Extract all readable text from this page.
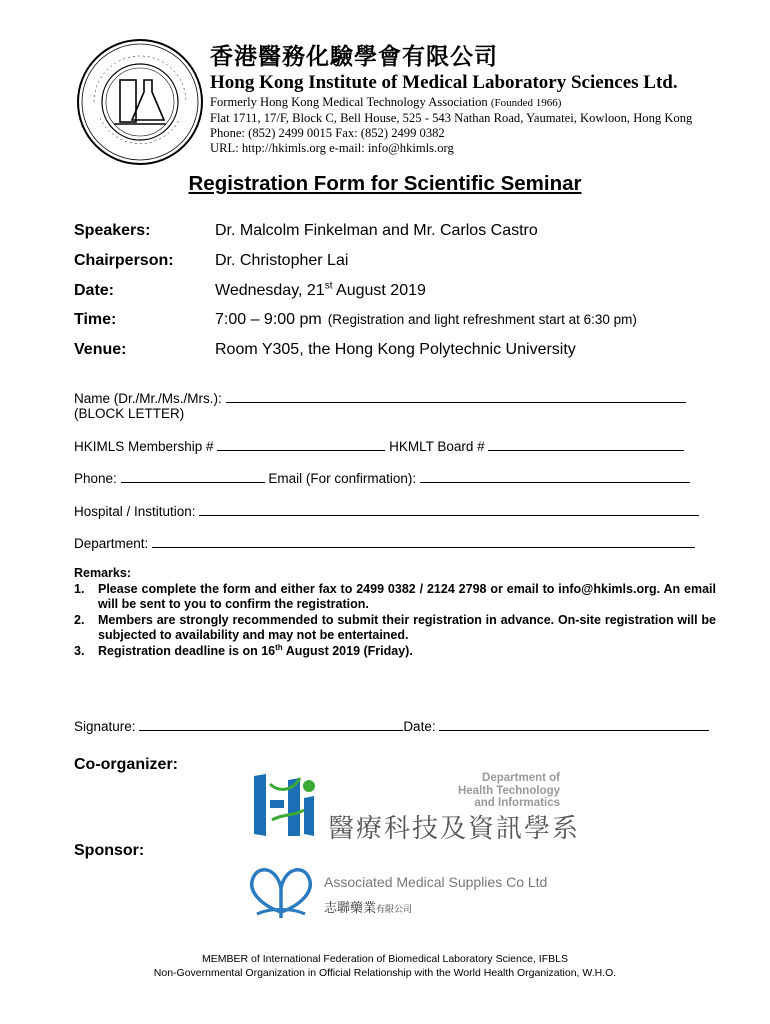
香港醫務化驗學會有限公司
Hong Kong Institute of Medical Laboratory Sciences Ltd.
Formerly Hong Kong Medical Technology Association (Founded 1966)
Flat 1711, 17/F, Block C, Bell House, 525 - 543 Nathan Road, Yaumatei, Kowloon, Hong Kong
Phone: (852) 2499 0015 Fax: (852) 2499 0382
URL: http://hkimls.org e-mail: info@hkimls.org
Registration Form for Scientific Seminar
Speakers:	Dr. Malcolm Finkelman and Mr. Carlos Castro
Chairperson:	Dr. Christopher Lai
Date:	Wednesday, 21st August 2019
Time:	7:00 – 9:00 pm (Registration and light refreshment start at 6:30 pm)
Venue:	Room Y305, the Hong Kong Polytechnic University
Name (Dr./Mr./Ms./Mrs.):
(BLOCK LETTER)
HKIMLS Membership #	HKMLT Board #
Phone:	Email (For confirmation):
Hospital / Institution:
Department:
Remarks:
1.	Please complete the form and either fax to 2499 0382 / 2124 2798 or email to info@hkimls.org. An email will be sent to you to confirm the registration.
2.	Members are strongly recommended to submit their registration in advance. On-site registration will be subjected to availability and may not be entertained.
3.	Registration deadline is on 16th August 2019 (Friday).
Signature:	Date:
Co-organizer:
Department of
Health Technology
and Informatics
醫療科技及資訊學系
Sponsor:
Associated Medical Supplies Co Ltd
志聯藥業有限公司
MEMBER of International Federation of Biomedical Laboratory Science, IFBLS
Non-Governmental Organization in Official Relationship with the World Health Organization, W.H.O.
